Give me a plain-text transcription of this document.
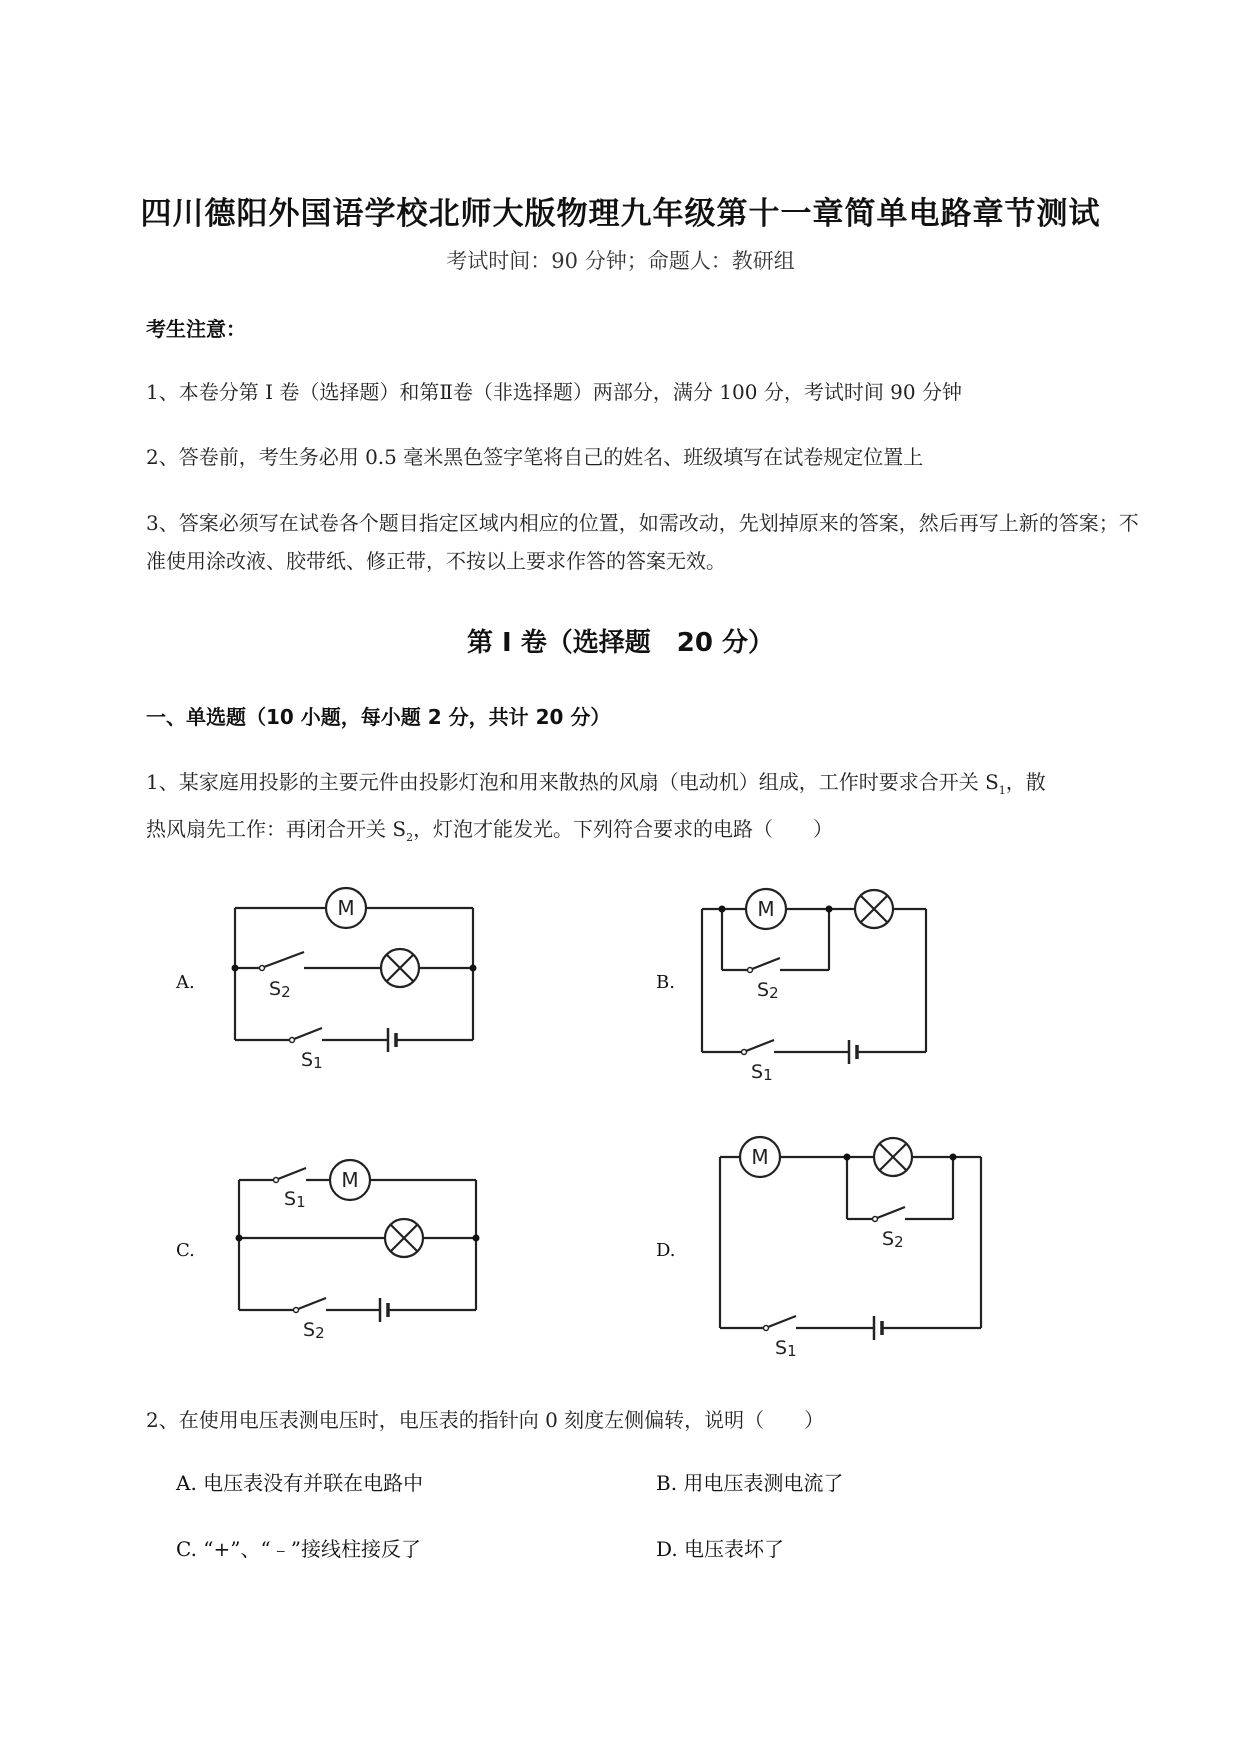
四川德阳外国语学校北师大版物理九年级第十一章简单电路章节测试
考试时间：90 分钟；命题人：教研组
考生注意：
1、本卷分第 I 卷（选择题）和第Ⅱ卷（非选择题）两部分，满分 100 分，考试时间 90 分钟
2、答卷前，考生务必用 0.5 毫米黑色签字笔将自己的姓名、班级填写在试卷规定位置上
3、答案必须写在试卷各个题目指定区域内相应的位置，如需改动，先划掉原来的答案，然后再写上新的答案；不准使用涂改液、胶带纸、修正带，不按以上要求作答的答案无效。
第 I 卷（选择题　20 分）
一、单选题（10 小题，每小题 2 分，共计 20 分）
1、某家庭用投影的主要元件由投影灯泡和用来散热的风扇（电动机）组成，工作时要求合开关 $S_1$，散
热风扇先工作：再闭合开关 $S_2$，灯泡才能发光。下列符合要求的电路（　　）
A.	B.
C.	D.
M	M
M
M
S2
S1
S2
S1
S1
S2
S2
S1
2、在使用电压表测电压时，电压表的指针向 0 刻度左侧偏转，说明（　　）
A. 电压表没有并联在电路中	B. 用电压表测电流了
C. “+”、“﹣”接线柱接反了	D. 电压表坏了
